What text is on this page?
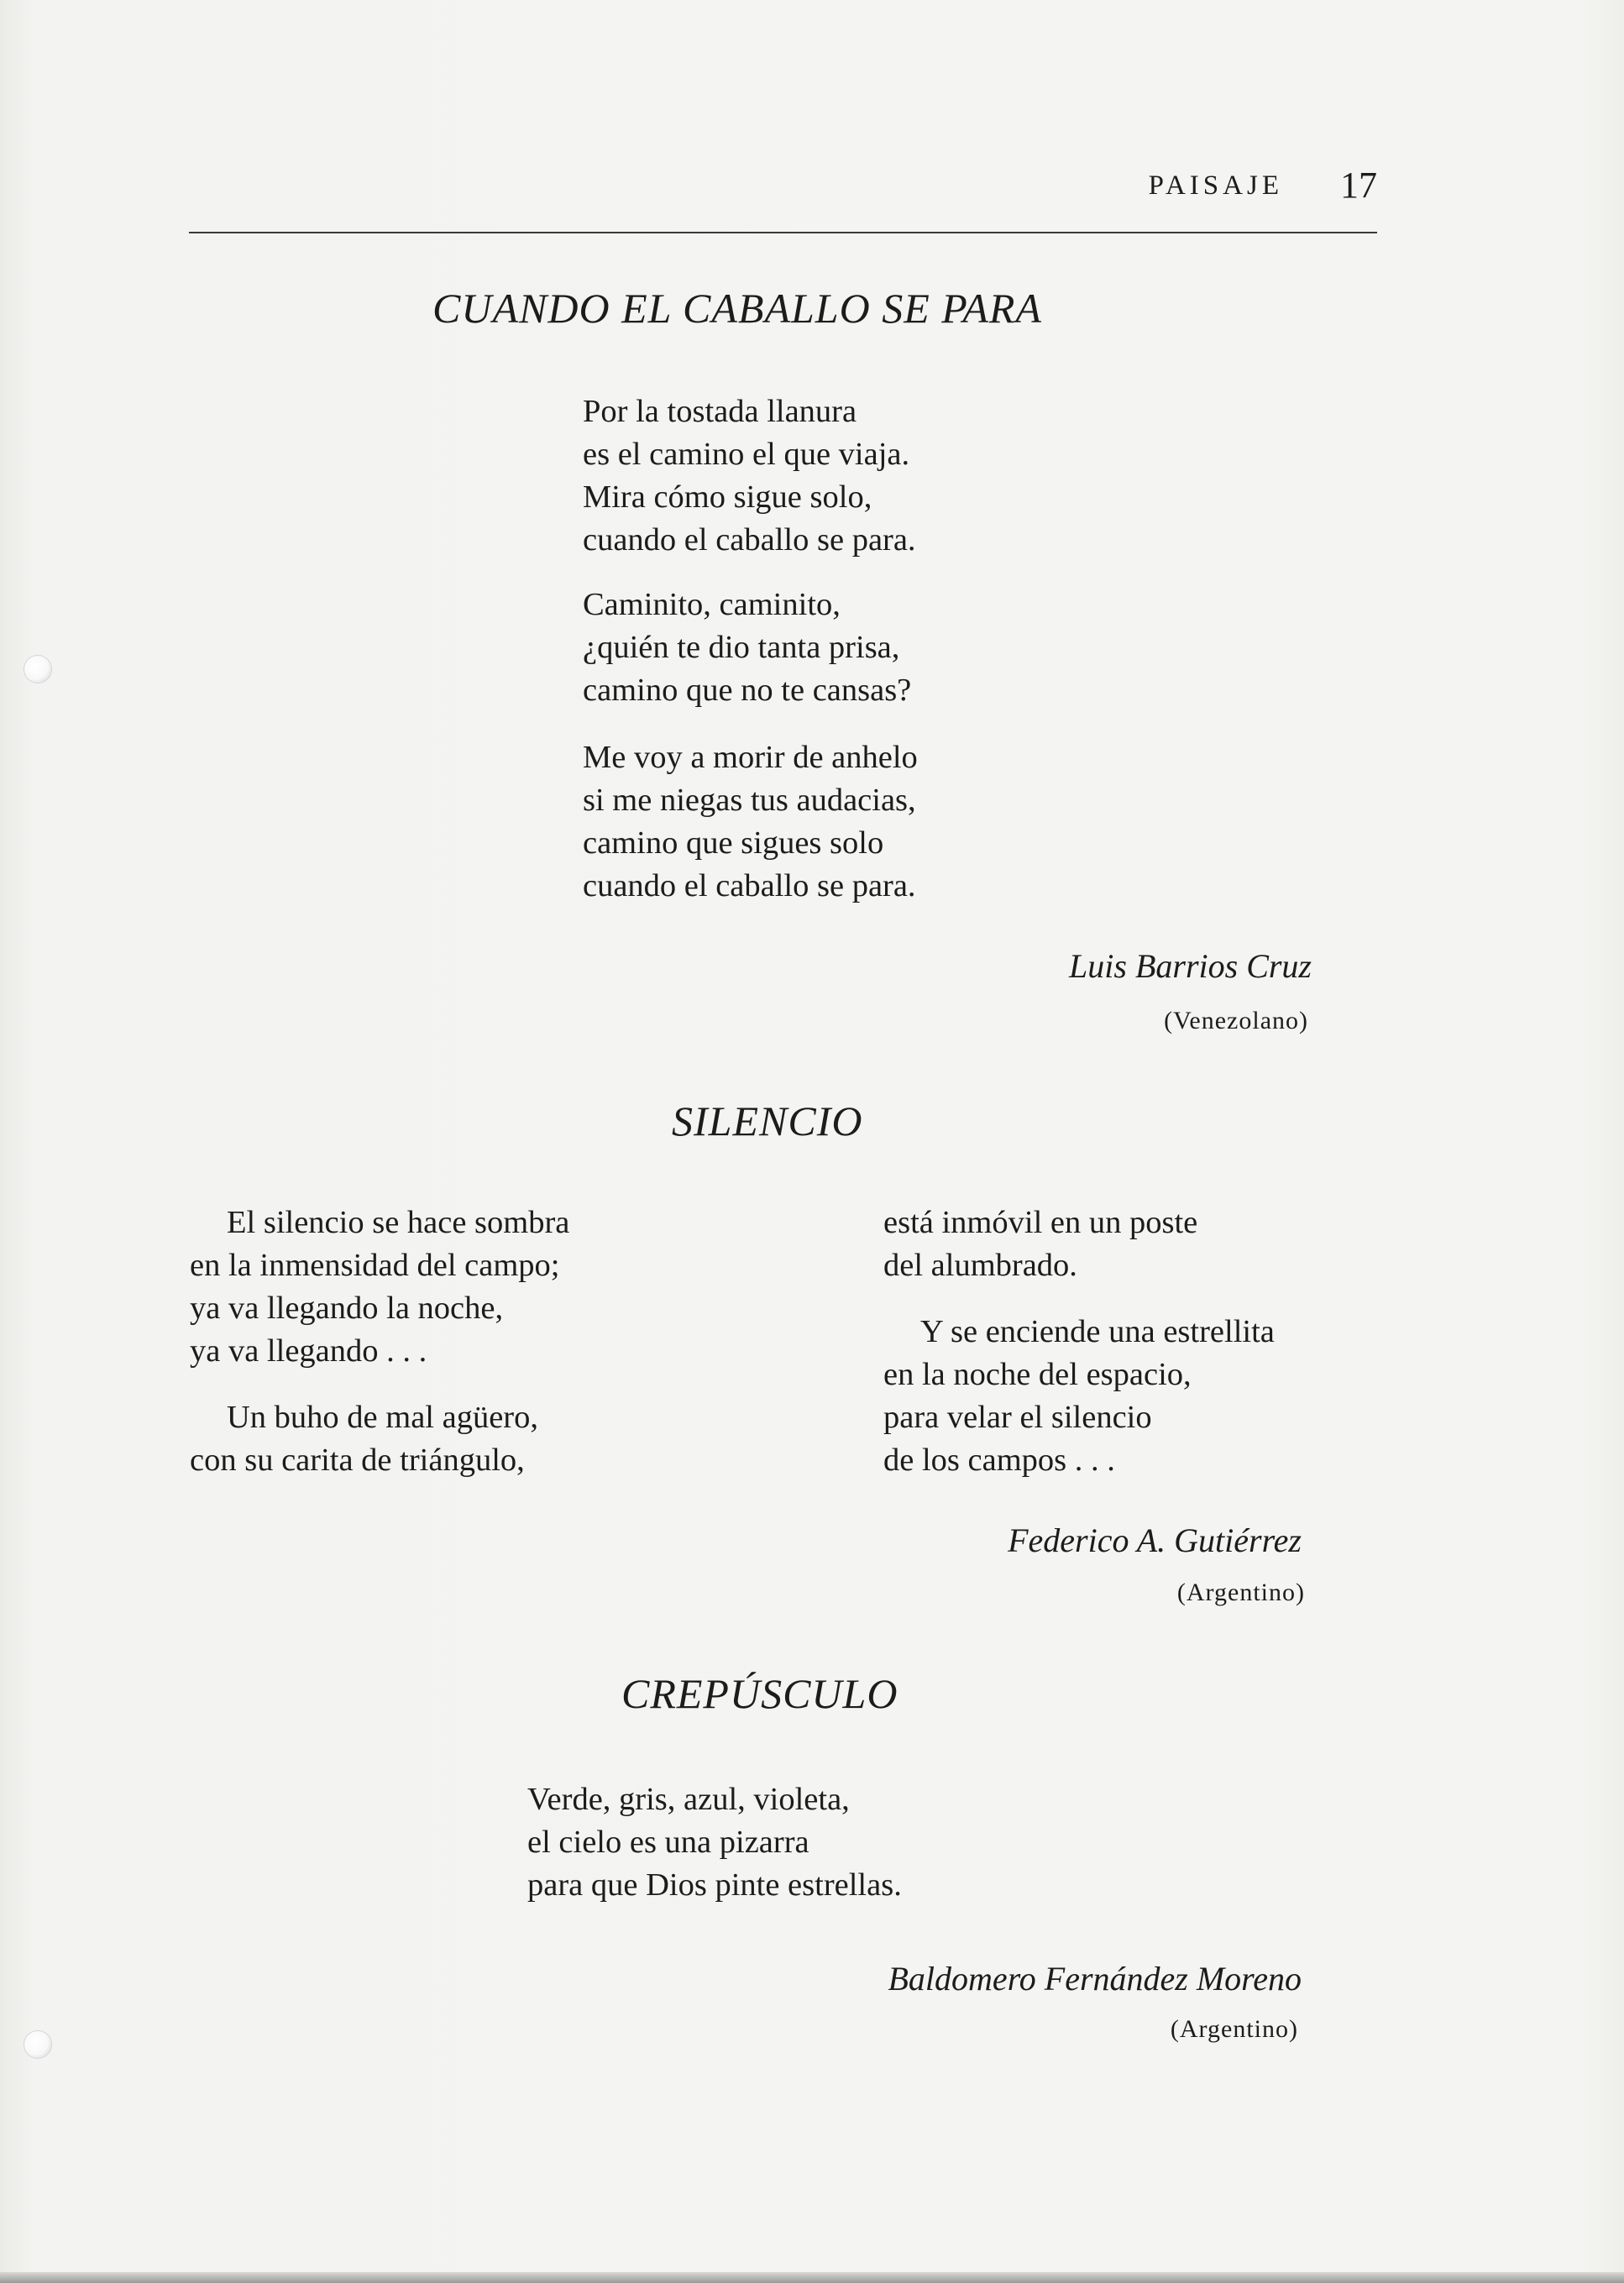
PAISAJE 17
CUANDO EL CABALLO SE PARA
Por la tostada llanura
es el camino el que viaja.
Mira cómo sigue solo,
cuando el caballo se para.
Caminito, caminito,
¿quién te dio tanta prisa,
camino que no te cansas?
Me voy a morir de anhelo
si me niegas tus audacias,
camino que sigues solo
cuando el caballo se para.
Luis Barrios Cruz
(Venezolano)
SILENCIO
El silencio se hace sombra
en la inmensidad del campo;
ya va llegando la noche,
ya va llegando . . .
Un buho de mal agüero,
con su carita de triángulo,
está inmóvil en un poste
del alumbrado.
Y se enciende una estrellita
en la noche del espacio,
para velar el silencio
de los campos . . .
Federico A. Gutiérrez
(Argentino)
CREPÚSCULO
Verde, gris, azul, violeta,
el cielo es una pizarra
para que Dios pinte estrellas.
Baldomero Fernández Moreno
(Argentino)
